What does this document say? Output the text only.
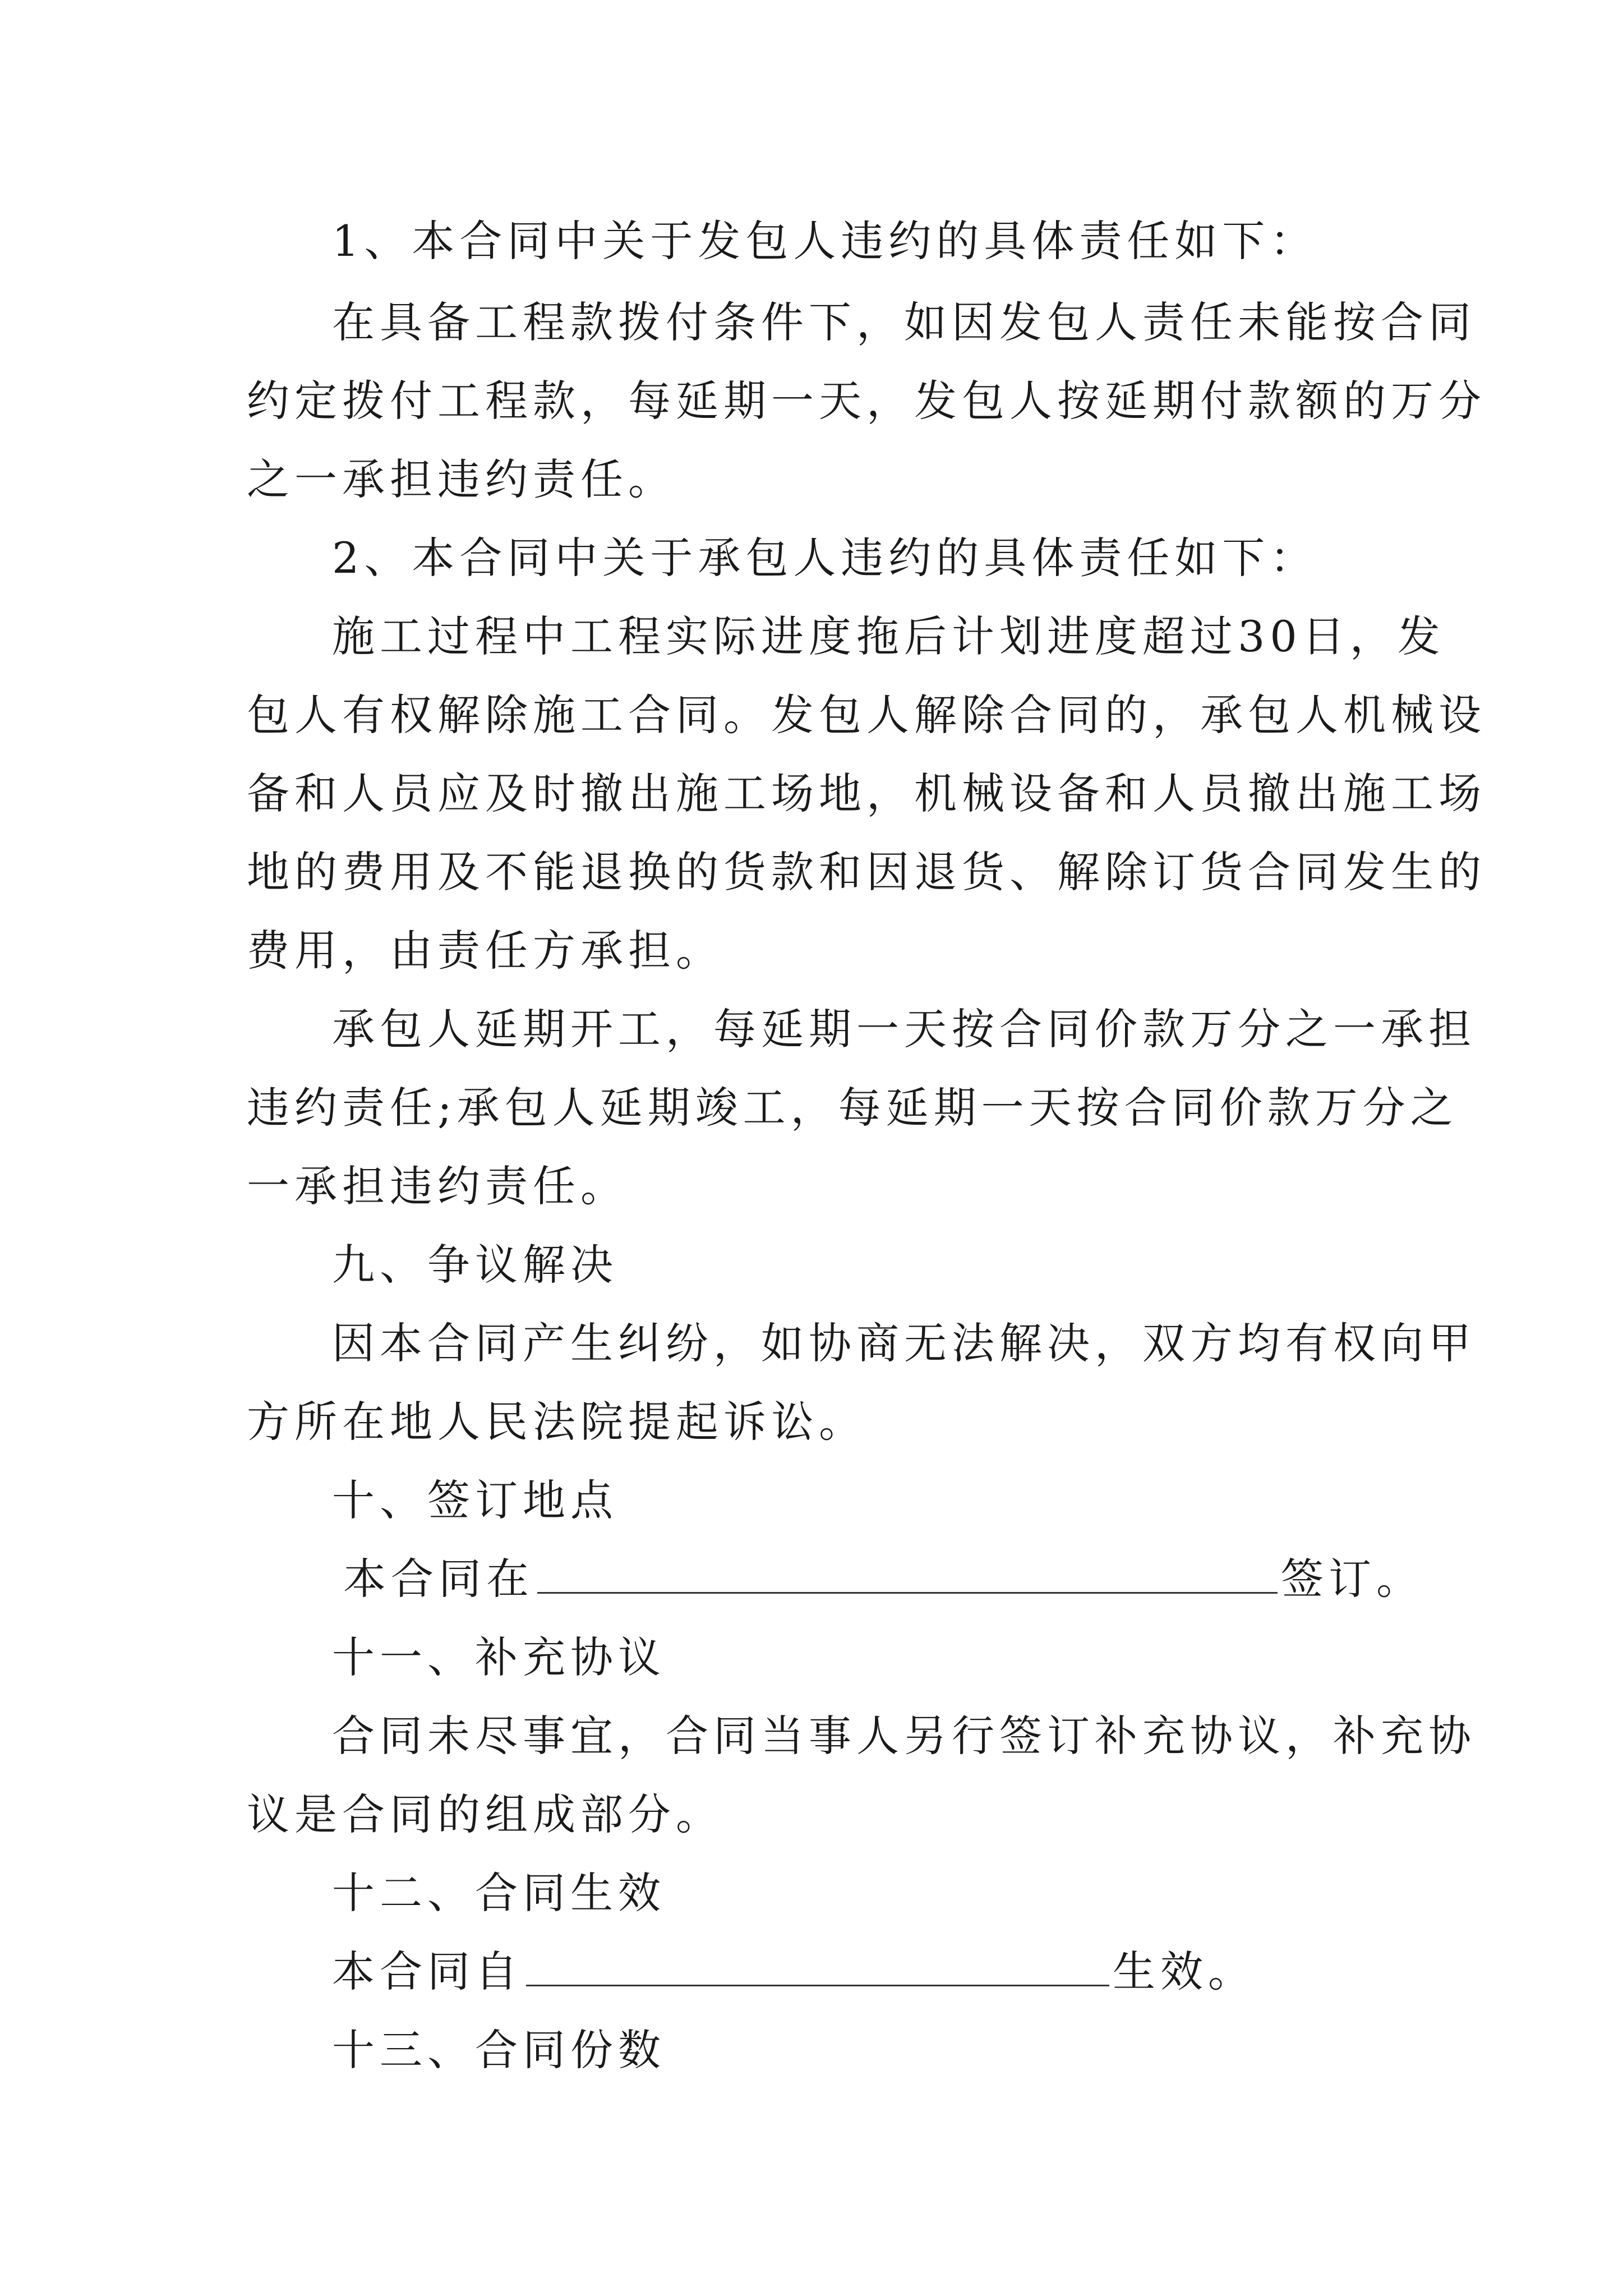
1、本合同中关于发包人违约的具体责任如下：
在具备工程款拨付条件下，如因发包人责任未能按合同
约定拨付工程款，每延期一天，发包人按延期付款额的万分
之一承担违约责任。
2、本合同中关于承包人违约的具体责任如下：
施工过程中工程实际进度拖后计划进度超过30日，发
包人有权解除施工合同。发包人解除合同的，承包人机械设
备和人员应及时撤出施工场地，机械设备和人员撤出施工场
地的费用及不能退换的货款和因退货、解除订货合同发生的
费用，由责任方承担。
承包人延期开工，每延期一天按合同价款万分之一承担
违约责任;承包人延期竣工，每延期一天按合同价款万分之
一承担违约责任。
九、争议解决
因本合同产生纠纷，如协商无法解决，双方均有权向甲
方所在地人民法院提起诉讼。
十、签订地点
本合同在	签订。
十一、补充协议
合同未尽事宜，合同当事人另行签订补充协议，补充协
议是合同的组成部分。
十二、合同生效
本合同自	生效。
十三、合同份数
